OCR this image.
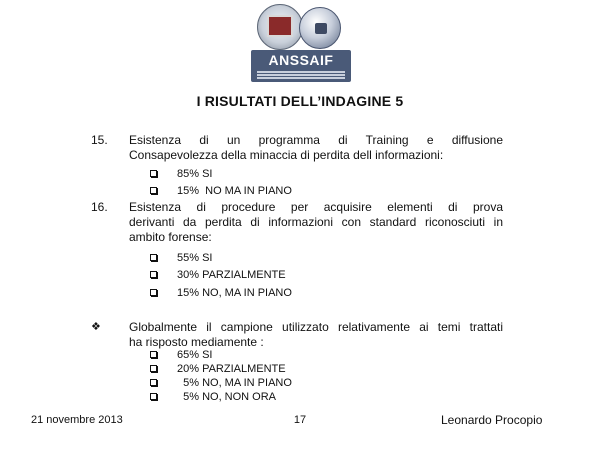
ANSSAIF
I RISULTATI DELL’INDAGINE 5
15.	Esistenza di un programma di Training e diffusione
Consapevolezza della minaccia di perdita dell informazioni:

85% SI

15%  NO MA IN PIANO

16.	Esistenza di procedure per acquisire elementi di prova
derivanti da perdita di informazioni con standard riconosciuti in
ambito forense:

55% SI

30% PARZIALMENTE

15% NO, MA IN PIANO

❖ Globalmente il campione utilizzato relativamente ai temi trattati
ha risposto mediamente :

65% SI

20% PARZIALMENTE

5% NO, MA IN PIANO

5% NO, NON ORA

21 novembre 2013	17	Leonardo Procopio
